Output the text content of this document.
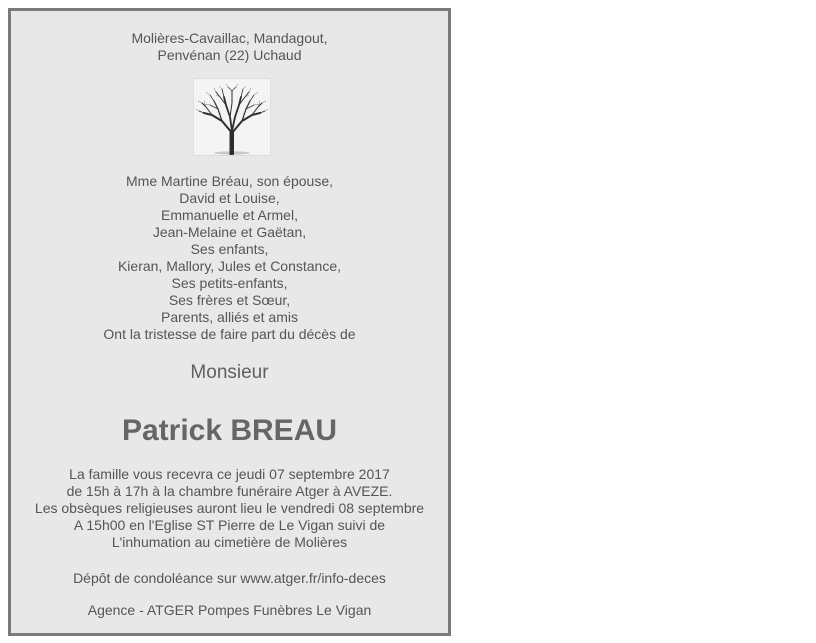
Molières-Cavaillac, Mandagout,
Penvénan (22) Uchaud
Mme Martine Bréau, son épouse,
David et Louise,
Emmanuelle et Armel,
Jean-Melaine et Gaëtan,
Ses enfants,
Kieran, Mallory, Jules et Constance,
Ses petits-enfants,
Ses frères et Sœur,
Parents, alliés et amis
Ont la tristesse de faire part du décès de
Monsieur
Patrick BREAU
La famille vous recevra ce jeudi 07 septembre 2017
de 15h à 17h à la chambre funéraire Atger à AVEZE.
Les obsèques religieuses auront lieu le vendredi 08 septembre
A 15h00 en l'Eglise ST Pierre de Le Vigan suivi de
L'inhumation au cimetière de Molières
Dépôt de condoléance sur www.atger.fr/info-deces
Agence - ATGER Pompes Funèbres Le Vigan
